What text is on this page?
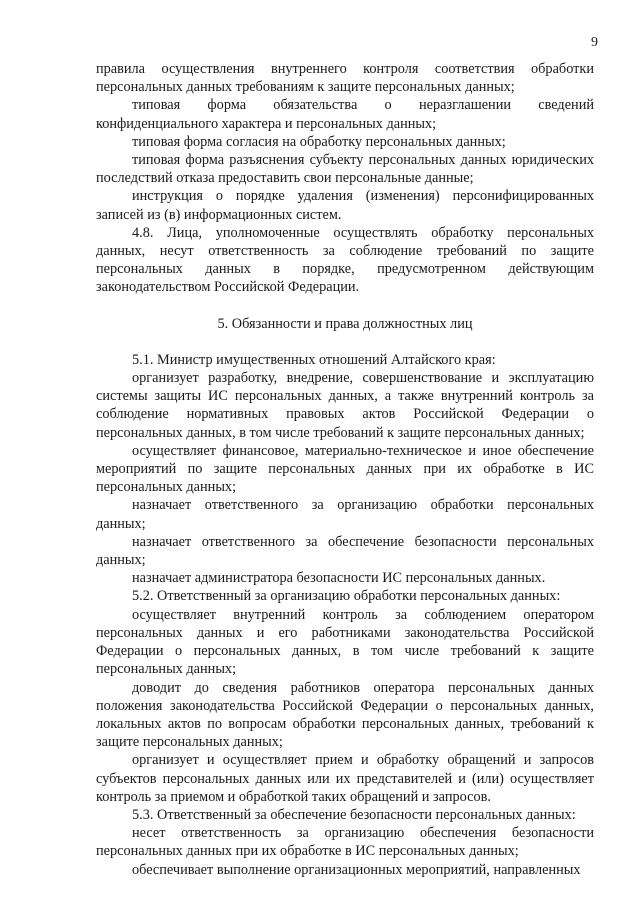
9

правила осуществления внутреннего контроля соответствия обработки персональных данных требованиям к защите персональных данных;

типовая форма обязательства о неразглашении сведений конфиденциального характера и персональных данных;

типовая форма согласия на обработку персональных данных;

типовая форма разъяснения субъекту персональных данных юридических последствий отказа предоставить свои персональные данные;

инструкция о порядке удаления (изменения) персонифицированных записей из (в) информационных систем.

4.8. Лица, уполномоченные осуществлять обработку персональных данных, несут ответственность за соблюдение требований по защите персональных данных в порядке, предусмотренном действующим законодательством Российской Федерации.

5. Обязанности и права должностных лиц

5.1. Министр имущественных отношений Алтайского края:

организует разработку, внедрение, совершенствование и эксплуатацию системы защиты ИС персональных данных, а также внутренний контроль за соблюдение нормативных правовых актов Российской Федерации о персональных данных, в том числе требований к защите персональных данных;

осуществляет финансовое, материально-техническое и иное обеспечение мероприятий по защите персональных данных при их обработке в ИС персональных данных;

назначает ответственного за организацию обработки персональных данных;

назначает ответственного за обеспечение безопасности персональных данных;

назначает администратора безопасности ИС персональных данных.

5.2. Ответственный за организацию обработки персональных данных:

осуществляет внутренний контроль за соблюдением оператором персональных данных и его работниками законодательства Российской Федерации о персональных данных, в том числе требований к защите персональных данных;

доводит до сведения работников оператора персональных данных положения законодательства Российской Федерации о персональных данных, локальных актов по вопросам обработки персональных данных, требований к защите персональных данных;

организует и осуществляет прием и обработку обращений и запросов субъектов персональных данных или их представителей и (или) осуществляет контроль за приемом и обработкой таких обращений и запросов.

5.3. Ответственный за обеспечение безопасности персональных данных:

несет ответственность за организацию обеспечения безопасности персональных данных при их обработке в ИС персональных данных;

обеспечивает выполнение организационных мероприятий, направленных
